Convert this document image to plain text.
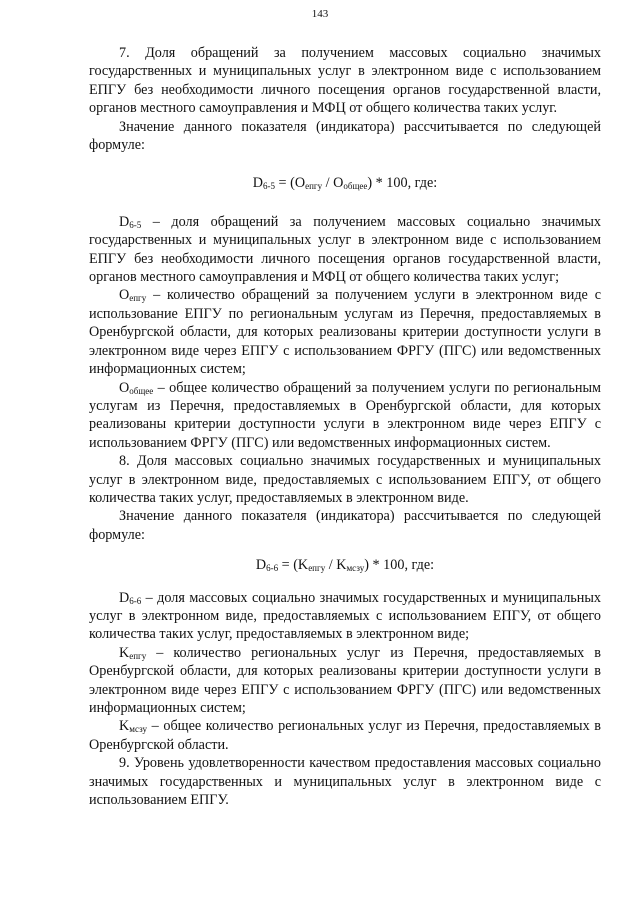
143

7. Доля обращений за получением массовых социально значимых государственных и муниципальных услуг в электронном виде с использованием ЕПГУ без необходимости личного посещения органов государственной власти, органов местного самоуправления и МФЦ от общего количества таких услуг.

Значение данного показателя (индикатора) рассчитывается по следующей формуле:

$D_{6-5} = (O_{епгу} / O_{общее}) * 100$, где:

$D_{6-5}$ – доля обращений за получением массовых социально значимых государственных и муниципальных услуг в электронном виде с использованием ЕПГУ без необходимости личного посещения органов государственной власти, органов местного самоуправления и МФЦ от общего количества таких услуг;

$O_{епгу}$ – количество обращений за получением услуги в электронном виде с использование ЕПГУ по региональным услугам из Перечня, предоставляемых в Оренбургской области, для которых реализованы критерии доступности услуги в электронном виде через ЕПГУ с использованием ФРГУ (ПГС) или ведомственных информационных систем;

$O_{общее}$ – общее количество обращений за получением услуги по региональным услугам из Перечня, предоставляемых в Оренбургской области, для которых реализованы критерии доступности услуги в электронном виде через ЕПГУ с использованием ФРГУ (ПГС) или ведомственных информационных систем.

8. Доля массовых социально значимых государственных и муниципальных услуг в электронном виде, предоставляемых с использованием ЕПГУ, от общего количества таких услуг, предоставляемых в электронном виде.

Значение данного показателя (индикатора) рассчитывается по следующей формуле:

$D_{6-6} = (K_{епгу} / K_{мсзу}) * 100$, где:

$D_{6-6}$ – доля массовых социально значимых государственных и муниципальных услуг в электронном виде, предоставляемых с использованием ЕПГУ, от общего количества таких услуг, предоставляемых в электронном виде;

$K_{епгу}$ – количество региональных услуг из Перечня, предоставляемых в Оренбургской области, для которых реализованы критерии доступности услуги в электронном виде через ЕПГУ с использованием ФРГУ (ПГС) или ведомственных информационных систем;

$K_{мсзу}$ – общее количество региональных услуг из Перечня, предоставляемых в Оренбургской области.

9. Уровень удовлетворенности качеством предоставления массовых социально значимых государственных и муниципальных услуг в электронном виде с использованием ЕПГУ.
